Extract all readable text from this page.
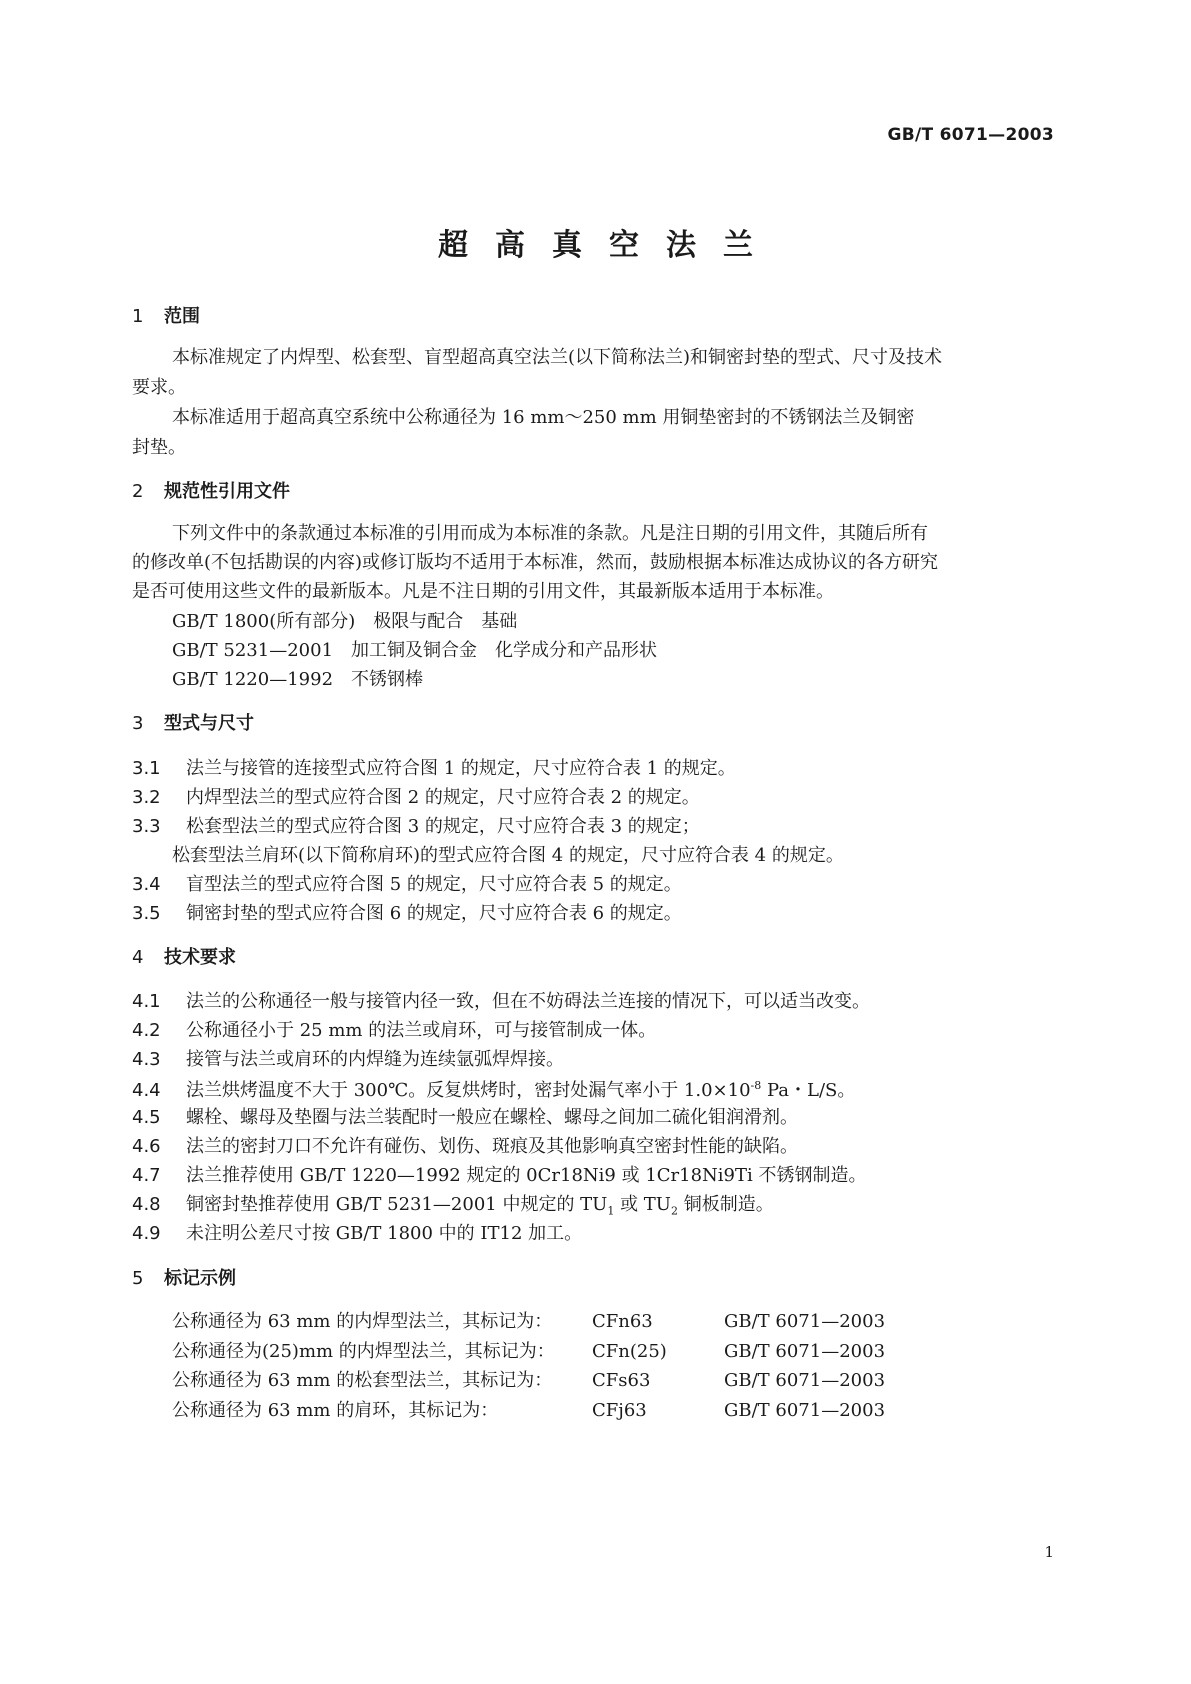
GB/T 6071—2003
超高真空法兰
1 范围
本标准规定了内焊型、松套型、盲型超高真空法兰(以下简称法兰)和铜密封垫的型式、尺寸及技术
要求。
本标准适用于超高真空系统中公称通径为 16 mm～250 mm 用铜垫密封的不锈钢法兰及铜密
封垫。
2 规范性引用文件
下列文件中的条款通过本标准的引用而成为本标准的条款。凡是注日期的引用文件，其随后所有
的修改单(不包括勘误的内容)或修订版均不适用于本标准，然而，鼓励根据本标准达成协议的各方研究
是否可使用这些文件的最新版本。凡是不注日期的引用文件，其最新版本适用于本标准。
GB/T 1800(所有部分)　极限与配合　基础
GB/T 5231—2001　加工铜及铜合金　化学成分和产品形状
GB/T 1220—1992　不锈钢棒
3 型式与尺寸
3.1 法兰与接管的连接型式应符合图 1 的规定，尺寸应符合表 1 的规定。
3.2 内焊型法兰的型式应符合图 2 的规定，尺寸应符合表 2 的规定。
3.3 松套型法兰的型式应符合图 3 的规定，尺寸应符合表 3 的规定；
松套型法兰肩环(以下简称肩环)的型式应符合图 4 的规定，尺寸应符合表 4 的规定。
3.4 盲型法兰的型式应符合图 5 的规定，尺寸应符合表 5 的规定。
3.5 铜密封垫的型式应符合图 6 的规定，尺寸应符合表 6 的规定。
4 技术要求
4.1 法兰的公称通径一般与接管内径一致，但在不妨碍法兰连接的情况下，可以适当改变。
4.2 公称通径小于 25 mm 的法兰或肩环，可与接管制成一体。
4.3 接管与法兰或肩环的内焊缝为连续氩弧焊焊接。
4.4 法兰烘烤温度不大于 300℃。反复烘烤时，密封处漏气率小于 $1.0\times 10^{-8}$ Pa・L/S。
4.5 螺栓、螺母及垫圈与法兰装配时一般应在螺栓、螺母之间加二硫化钼润滑剂。
4.6 法兰的密封刀口不允许有碰伤、划伤、斑痕及其他影响真空密封性能的缺陷。
4.7 法兰推荐使用 GB/T 1220—1992 规定的 0Cr18Ni9 或 1Cr18Ni9Ti 不锈钢制造。
4.8 铜密封垫推荐使用 GB/T 5231—2001 中规定的 $TU_1$ 或 $TU_2$ 铜板制造。
4.9 未注明公差尺寸按 GB/T 1800 中的 IT12 加工。
5 标记示例
公称通径为 63 mm 的内焊型法兰，其标记为： CFn63	GB/T 6071—2003
公称通径为(25)mm 的内焊型法兰，其标记为： CFn(25)	GB/T 6071—2003
公称通径为 63 mm 的松套型法兰，其标记为： CFs63	GB/T 6071—2003
公称通径为 63 mm 的肩环，其标记为：	CFj63	GB/T 6071—2003
1
